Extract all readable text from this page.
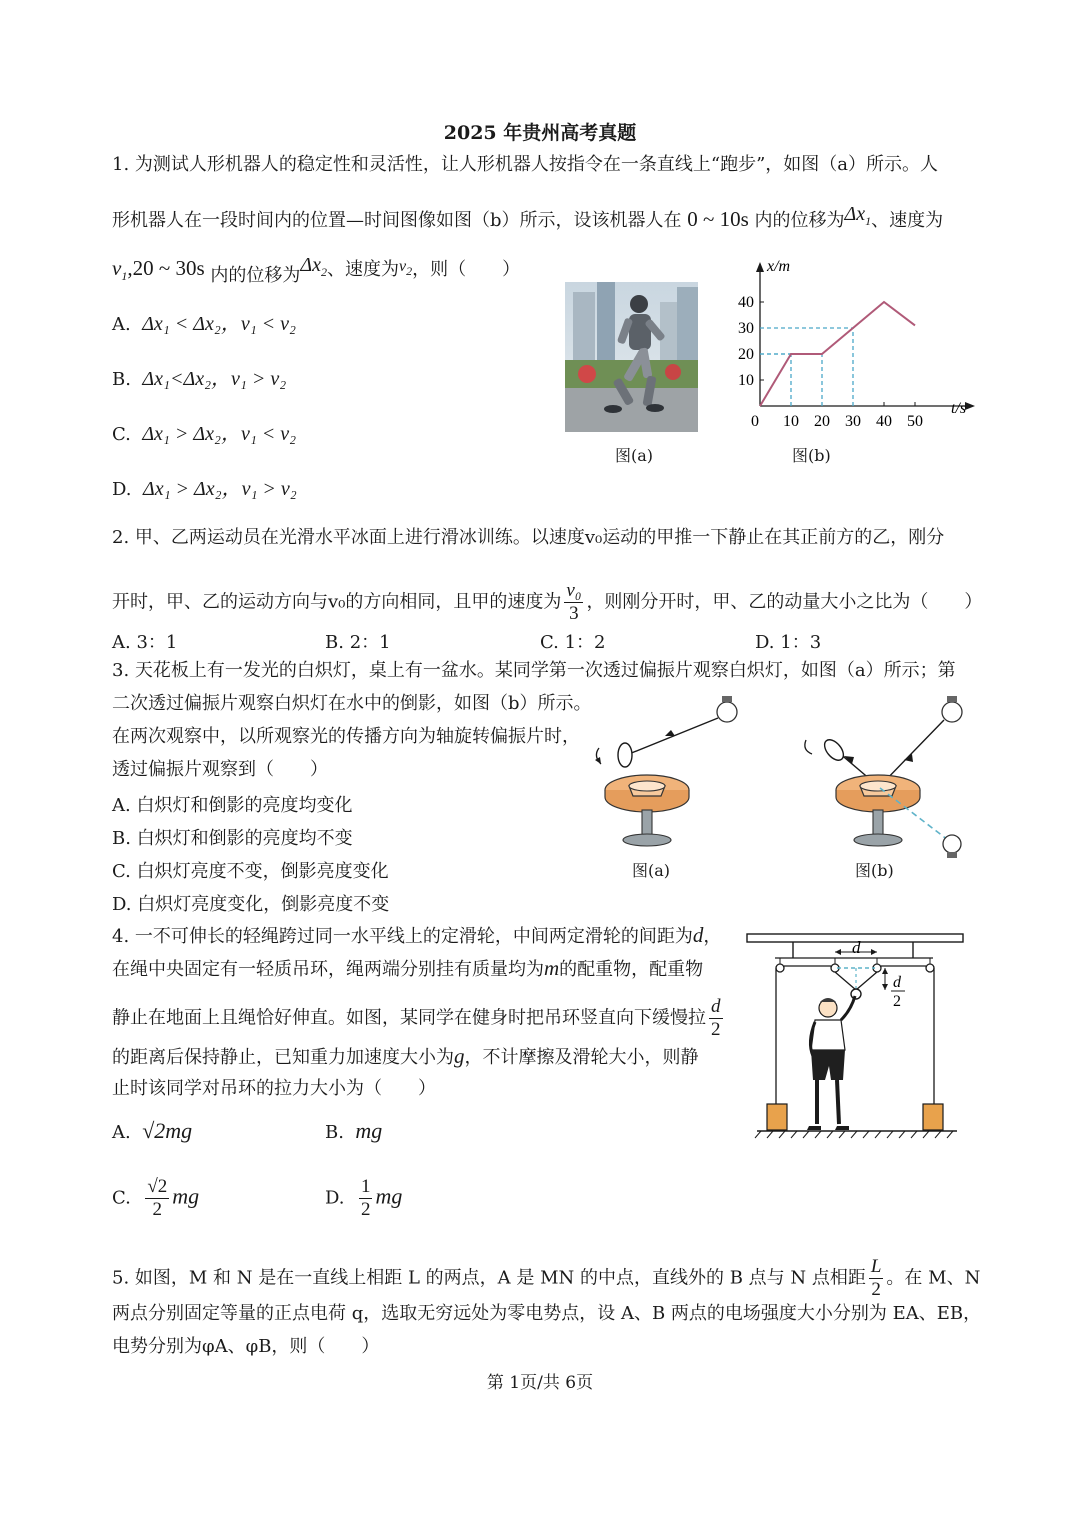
2025 年贵州高考真题
1. 为测试人形机器人的稳定性和灵活性，让人形机器人按指令在一条直线上“跑步”，如图（a）所示。人
形机器人在一段时间内的位置—时间图像如图（b）所示，设该机器人在 0 ~ 10s 内的位移为$\Delta x_1$、速度为
$v_1,20$ ~ 30s 内的位移为$\Delta x_2$、速度为$v_2$，则（　　）
A. Δx₁ < Δx₂，v₁ < v₂
B. Δx₁<Δx₂，v₁ > v₂
C. Δx₁ > Δx₂，v₁ < v₂
D. Δx₁ > Δx₂，v₁ > v₂
图(a)
x/m
t/s
0 10 20 30 40 50
10
20
30
40
图(b)
2. 甲、乙两运动员在光滑水平冰面上进行滑冰训练。以速度v₀运动的甲推一下静止在其正前方的乙，刚分
开时，甲、乙的运动方向与v₀的方向相同，且甲的速度为 $\frac{\text{v₀}}{3}$ ，则刚分开时，甲、乙的动量大小之比为（　　）
A. 3：1	B. 2：1	C. 1：2	D. 1：3
3. 天花板上有一发光的白炽灯，桌上有一盆水。某同学第一次透过偏振片观察白炽灯，如图（a）所示；第
二次透过偏振片观察白炽灯在水中的倒影，如图（b）所示。
在两次观察中，以所观察光的传播方向为轴旋转偏振片时，
透过偏振片观察到（　　）
A. 白炽灯和倒影的亮度均变化
B. 白炽灯和倒影的亮度均不变
C. 白炽灯亮度不变，倒影亮度变化
D. 白炽灯亮度变化，倒影亮度不变
图(a)	图(b)
4. 一不可伸长的轻绳跨过同一水平线上的定滑轮，中间两定滑轮的间距为d，
在绳中央固定有一轻质吊环，绳两端分别挂有质量均为m的配重物，配重物
静止在地面上且绳恰好伸直。如图，某同学在健身时把吊环竖直向下缓慢拉 $\frac{d}{2}$
的距离后保持静止，已知重力加速度大小为g，不计摩擦及滑轮大小，则静
止时该同学对吊环的拉力大小为（　　）
A. √2mg	B. mg
C. $\frac{√2}{2}$ mg	D. $\frac{1}{2}$ mg
d
d
2
5. 如图，M 和 N 是在一直线上相距 L 的两点，A 是 MN 的中点，直线外的 B 点与 N 点相距 $\frac{L}{2}$ 。在 M、N
两点分别固定等量的正点电荷 q，选取无穷远处为零电势点，设 A、B 两点的电场强度大小分别为 EA、EB，
电势分别为φA、φB，则（　　）
第 1页/共 6页
